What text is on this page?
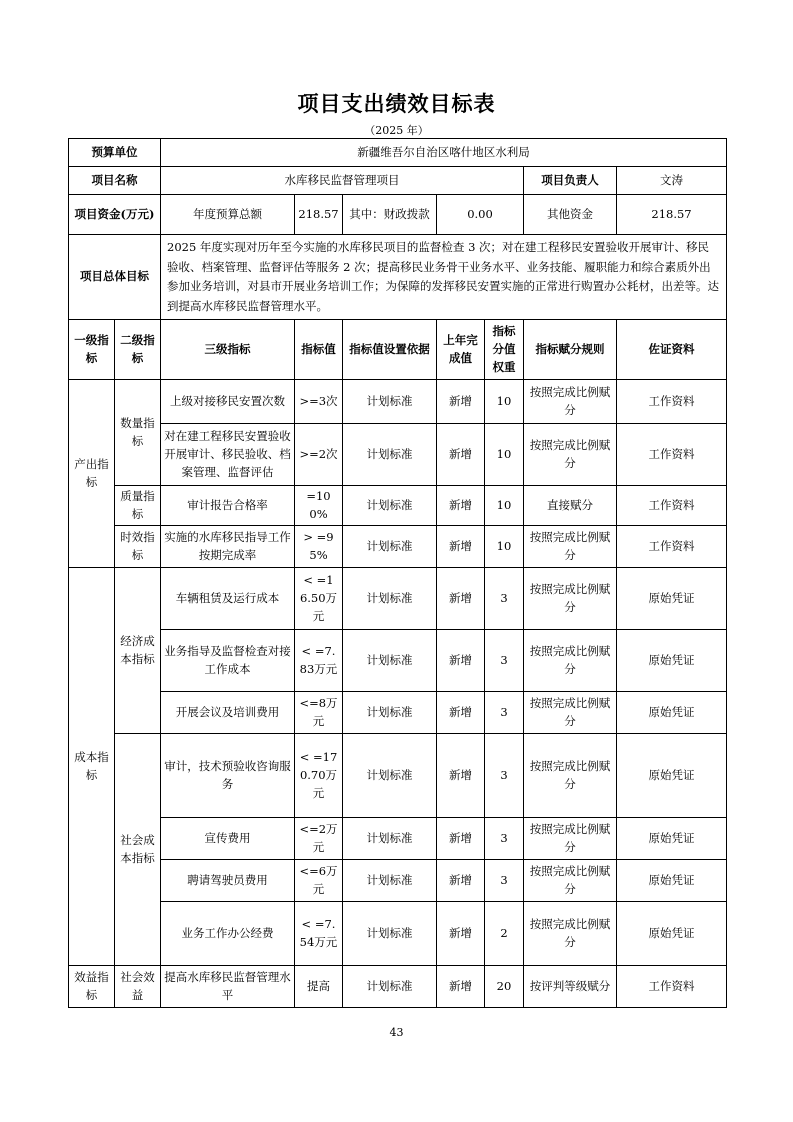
项目支出绩效目标表
（2025 年）
预算单位		新疆维吾尔自治区喀什地区水利局						
项目名称		水库移民监督管理项目					项目负责人	文涛
项目资金(万元)		年度预算总额	218.57	其中：财政拨款	0.00		其他资金	218.57
项目总体目标		2025 年度实现对历年至今实施的水库移民项目的监督检查 3 次；对在建工程移民安置验收开展审计、移民验收、档案管理、监督评估等服务 2 次；提高移民业务骨干业务水平、业务技能、履职能力和综合素质外出参加业务培训，对县市开展业务培训工作；为保障的发挥移民安置实施的正常进行购置办公耗材，出差等。达到提高水库移民监督管理水平。						
一级指标	二级指标	三级指标	指标值	指标值设置依据	上年完成值	指标分值权重	指标赋分规则	佐证资料
产出指标	数量指标	上级对接移民安置次数	>=3次	计划标准	新增	10	按照完成比例赋分	工作资料
		对在建工程移民安置验收开展审计、移民验收、档案管理、监督评估	>=2次	计划标准	新增	10	按照完成比例赋分	工作资料
	质量指标	审计报告合格率	=100%	计划标准	新增	10	直接赋分	工作资料
	时效指标	实施的水库移民指导工作按期完成率	> =95%	计划标准	新增	10	按照完成比例赋分	工作资料
成本指标	经济成本指标	车辆租赁及运行成本	< =16.50万元	计划标准	新增	3	按照完成比例赋分	原始凭证
		业务指导及监督检查对接工作成本	< =7.83万元	计划标准	新增	3	按照完成比例赋分	原始凭证
		开展会议及培训费用	<=8万元	计划标准	新增	3	按照完成比例赋分	原始凭证
	社会成本指标	审计，技术预验收咨询服务	< =170.70万元	计划标准	新增	3	按照完成比例赋分	原始凭证
		宣传费用	<=2万元	计划标准	新增	3	按照完成比例赋分	原始凭证
		聘请驾驶员费用	<=6万元	计划标准	新增	3	按照完成比例赋分	原始凭证
		业务工作办公经费	< =7.54万元	计划标准	新增	2	按照完成比例赋分	原始凭证
效益指标	社会效益	提高水库移民监督管理水平	提高	计划标准	新增	20	按评判等级赋分	工作资料
43
